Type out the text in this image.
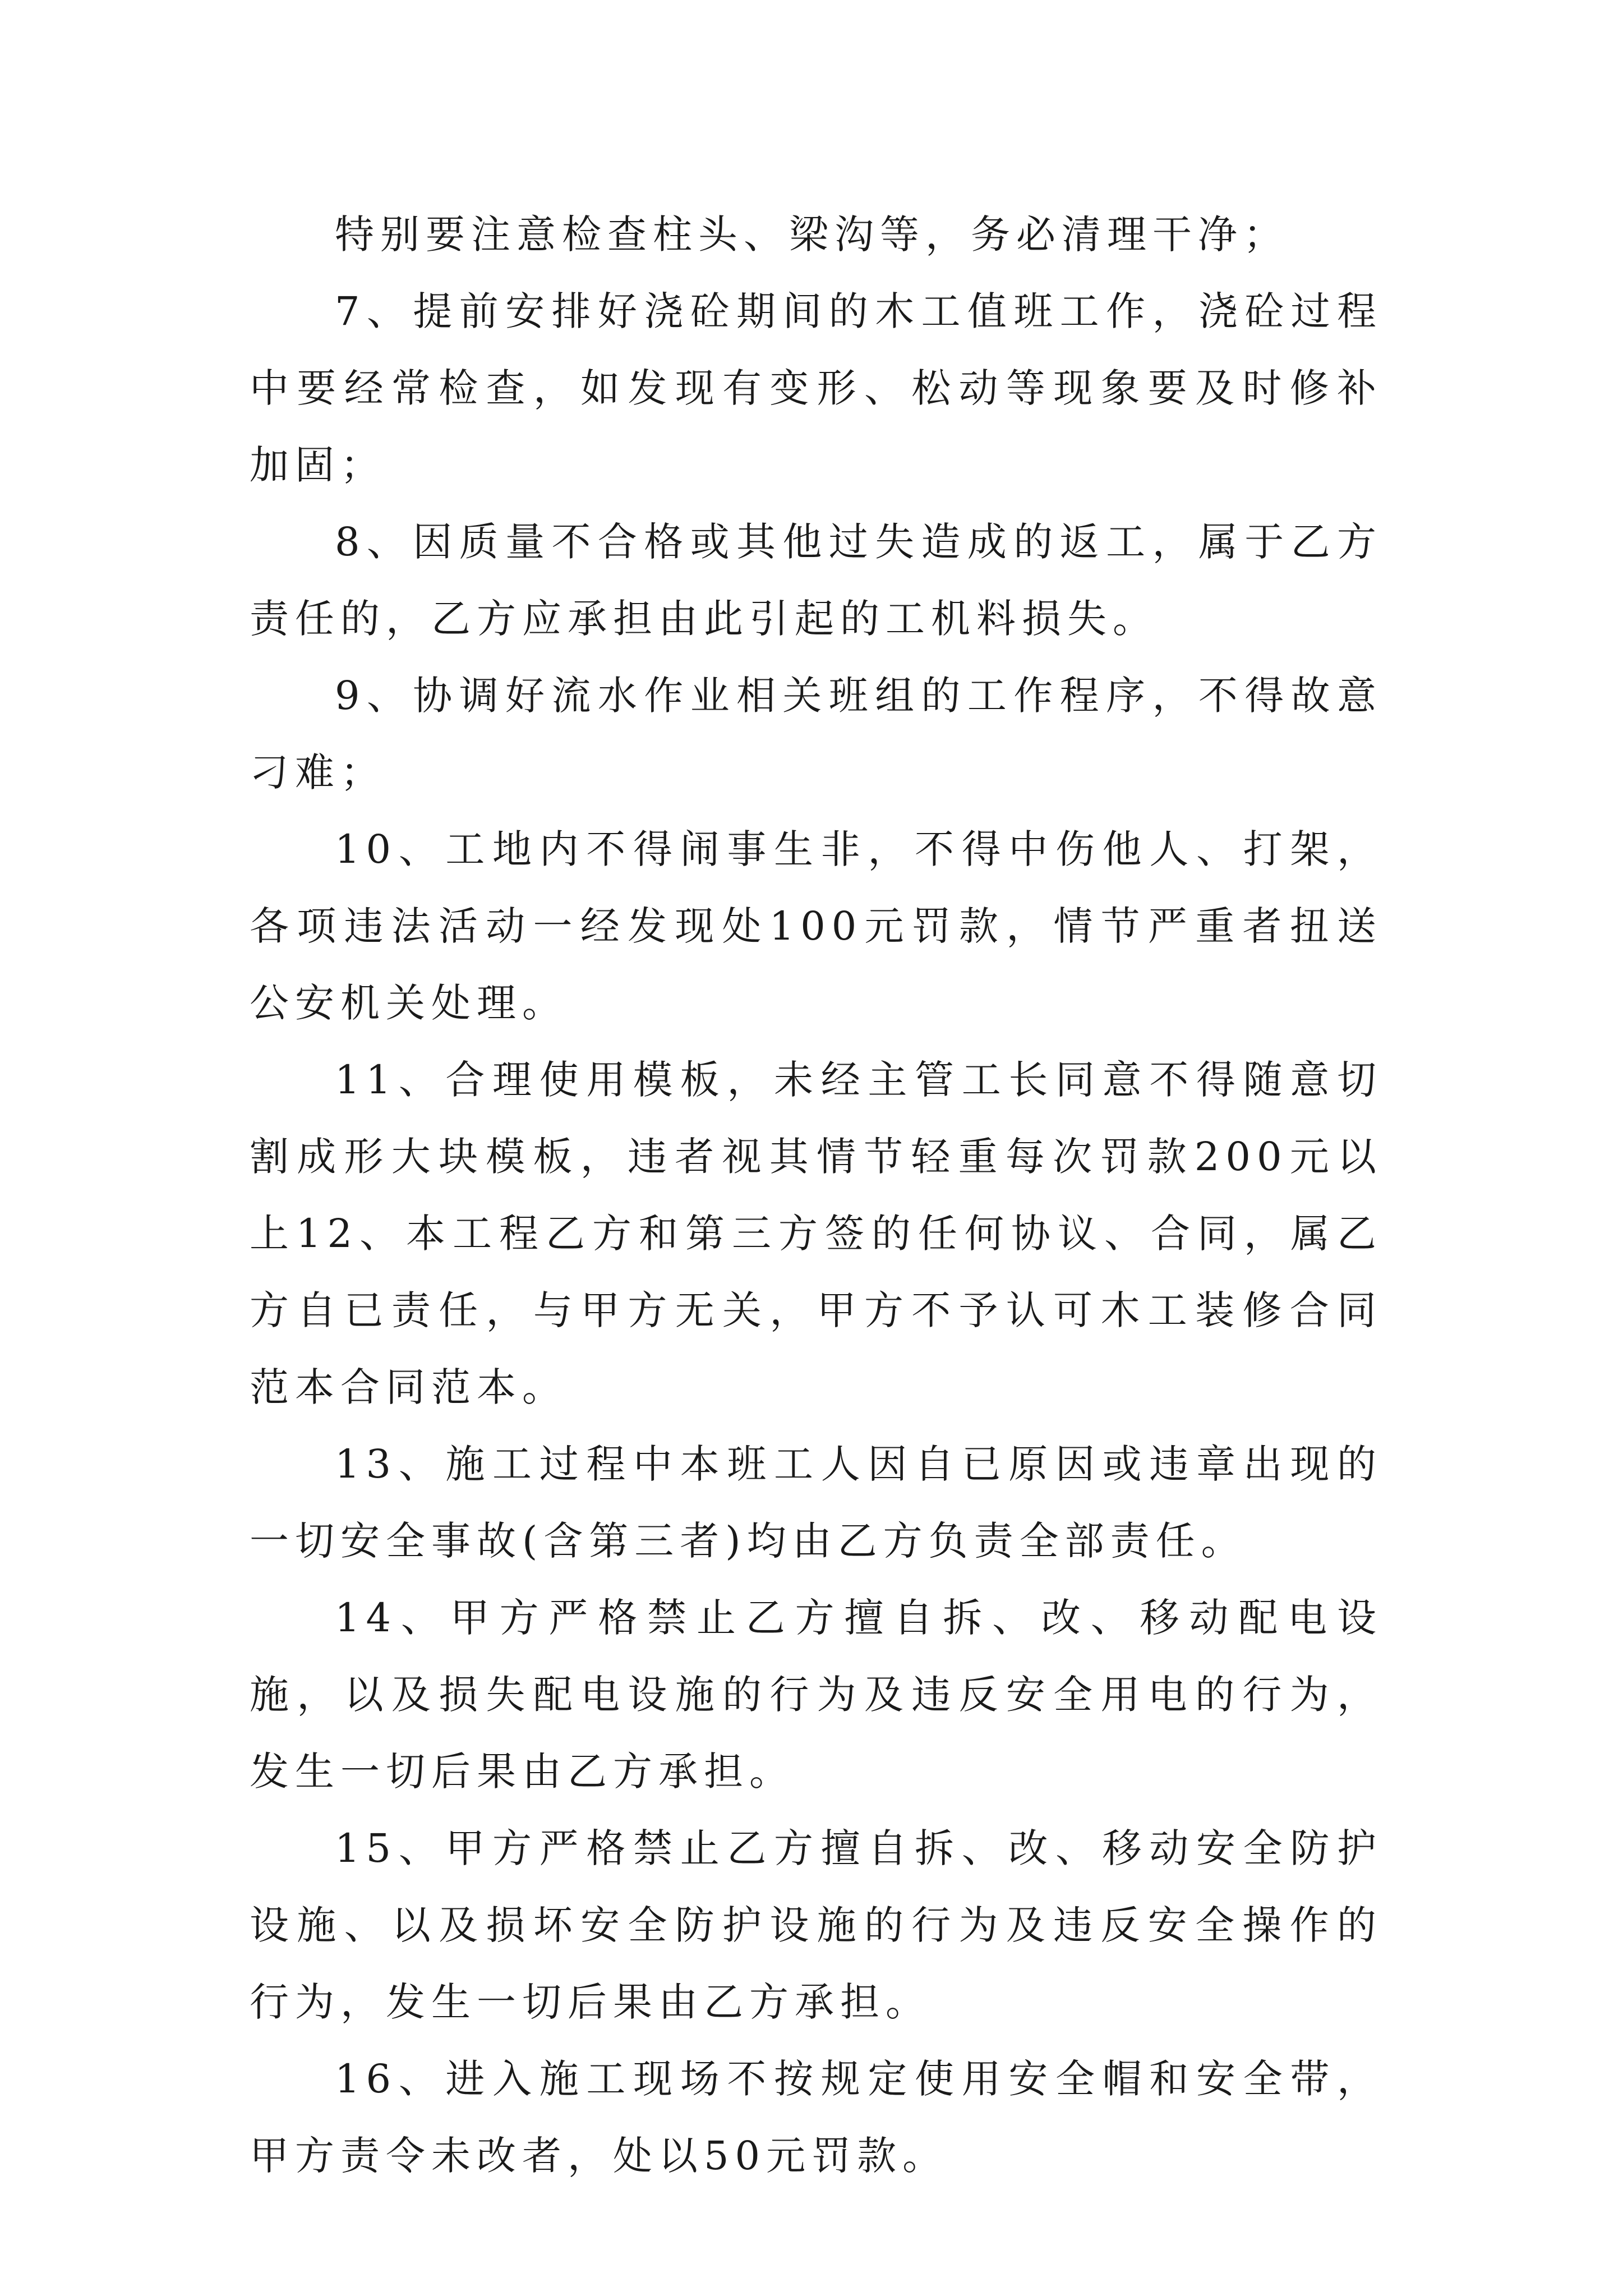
特别要注意检查柱头、梁沟等，务必清理干净；

7、提前安排好浇砼期间的木工值班工作，浇砼过程中要经常检查，如发现有变形、松动等现象要及时修补加固；

8、因质量不合格或其他过失造成的返工，属于乙方责任的，乙方应承担由此引起的工机料损失。

9、协调好流水作业相关班组的工作程序，不得故意刁难；

10、工地内不得闹事生非，不得中伤他人、打架，各项违法活动一经发现处100元罚款，情节严重者扭送公安机关处理。

11、合理使用模板，未经主管工长同意不得随意切割成形大块模板，违者视其情节轻重每次罚款200元以上12、本工程乙方和第三方签的任何协议、合同，属乙方自已责任，与甲方无关，甲方不予认可木工装修合同范本合同范本。

13、施工过程中本班工人因自已原因或违章出现的一切安全事故(含第三者)均由乙方负责全部责任。

14、甲方严格禁止乙方擅自拆、改、移动配电设施，以及损失配电设施的行为及违反安全用电的行为，发生一切后果由乙方承担。

15、甲方严格禁止乙方擅自拆、改、移动安全防护设施、以及损坏安全防护设施的行为及违反安全操作的行为，发生一切后果由乙方承担。

16、进入施工现场不按规定使用安全帽和安全带，甲方责令未改者，处以50元罚款。
